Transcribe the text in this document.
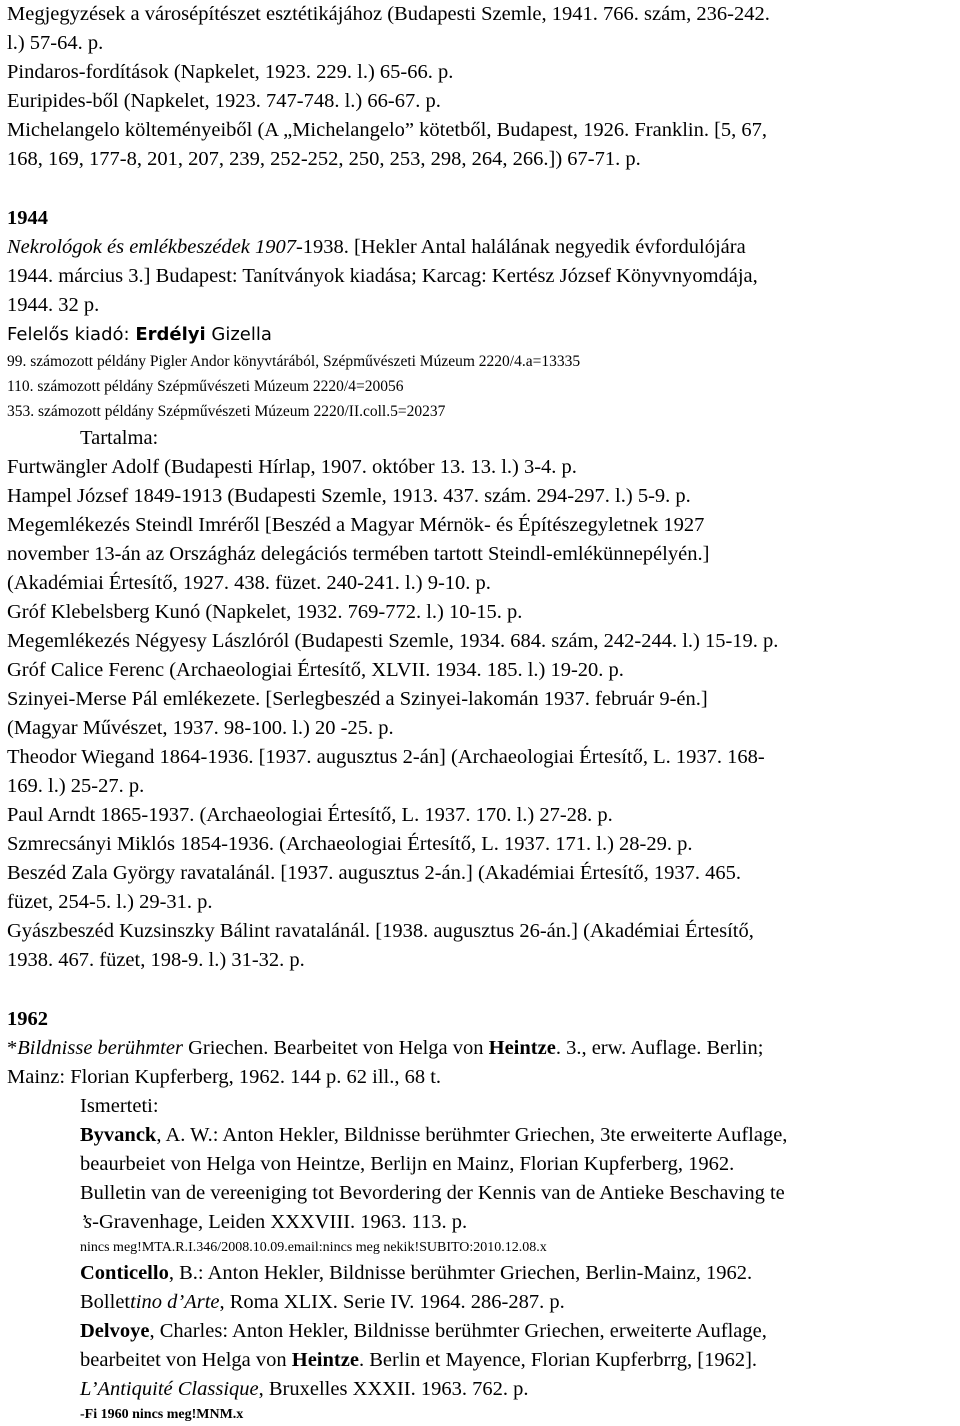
Megjegyzések a városépítészet esztétikájához (Budapesti Szemle, 1941. 766. szám, 236-242.
l.) 57-64. p.
Pindaros-fordítások (Napkelet, 1923. 229. l.) 65-66. p.
Euripides-ből (Napkelet, 1923. 747-748. l.) 66-67. p.
Michelangelo költeményeiből (A „Michelangelo” kötetből, Budapest, 1926. Franklin. [5, 67,
168, 169, 177-8, 201, 207, 239, 252-252, 250, 253, 298, 264, 266.]) 67-71. p.
1944
Nekrológok és emlékbeszédek 1907-1938. [Hekler Antal halálának negyedik évfordulójára
1944. március 3.] Budapest: Tanítványok kiadása; Karcag: Kertész József Könyvnyomdája,
1944. 32 p.
Felelős kiadó: Erdélyi Gizella
99. számozott példány Pigler Andor könyvtárából, Szépművészeti Múzeum 2220/4.a=13335
110. számozott példány Szépművészeti Múzeum 2220/4=20056
353. számozott példány Szépművészeti Múzeum 2220/II.coll.5=20237
Tartalma:
Furtwängler Adolf (Budapesti Hírlap, 1907. október 13. 13. l.) 3-4. p.
Hampel József 1849-1913 (Budapesti Szemle, 1913. 437. szám. 294-297. l.) 5-9. p.
Megemlékezés Steindl Imréről [Beszéd a Magyar Mérnök- és Építészegyletnek 1927
november 13-án az Országház delegációs termében tartott Steindl-emlékünnepélyén.]
(Akadémiai Értesítő, 1927. 438. füzet. 240-241. l.) 9-10. p.
Gróf Klebelsberg Kunó (Napkelet, 1932. 769-772. l.) 10-15. p.
Megemlékezés Négyesy Lászlóról (Budapesti Szemle, 1934. 684. szám, 242-244. l.) 15-19. p.
Gróf Calice Ferenc (Archaeologiai Értesítő, XLVII. 1934. 185. l.) 19-20. p.
Szinyei-Merse Pál emlékezete. [Serlegbeszéd a Szinyei-lakomán 1937. február 9-én.]
(Magyar Művészet, 1937. 98-100. l.) 20 -25. p.
Theodor Wiegand 1864-1936. [1937. augusztus 2-án] (Archaeologiai Értesítő, L. 1937. 168-
169. l.) 25-27. p.
Paul Arndt 1865-1937. (Archaeologiai Értesítő, L. 1937. 170. l.) 27-28. p.
Szmrecsányi Miklós 1854-1936. (Archaeologiai Értesítő, L. 1937. 171. l.) 28-29. p.
Beszéd Zala György ravatalánál. [1937. augusztus 2-án.] (Akadémiai Értesítő, 1937. 465.
füzet, 254-5. l.) 29-31. p.
Gyászbeszéd Kuzsinszky Bálint ravatalánál. [1938. augusztus 26-án.] (Akadémiai Értesítő,
1938. 467. füzet, 198-9. l.) 31-32. p.
1962
*Bildnisse berühmter Griechen. Bearbeitet von Helga von Heintze. 3., erw. Auflage. Berlin;
Mainz: Florian Kupferberg, 1962. 144 p. 62 ill., 68 t.
Ismerteti:
Byvanck, A. W.: Anton Hekler, Bildnisse berühmter Griechen, 3te erweiterte Auflage,
beaurbeiet von Helga von Heintze, Berlijn en Mainz, Florian Kupferberg, 1962.
Bulletin van de vereeniging tot Bevordering der Kennis van de Antieke Beschaving te
’s-Gravenhage, Leiden XXXVIII. 1963. 113. p.
nincs meg!MTA.R.I.346/2008.10.09.email:nincs meg nekik!SUBITO:2010.12.08.x
Conticello, B.: Anton Hekler, Bildnisse berühmter Griechen, Berlin-Mainz, 1962.
Bollettino d’Arte, Roma XLIX. Serie IV. 1964. 286-287. p.
Delvoye, Charles: Anton Hekler, Bildnisse berühmter Griechen, erweiterte Auflage,
bearbeitet von Helga von Heintze. Berlin et Mayence, Florian Kupferbrrg, [1962].
L’Antiquité Classique, Bruxelles XXXII. 1963. 762. p.
-Fi 1960 nincs meg!MNM.x
